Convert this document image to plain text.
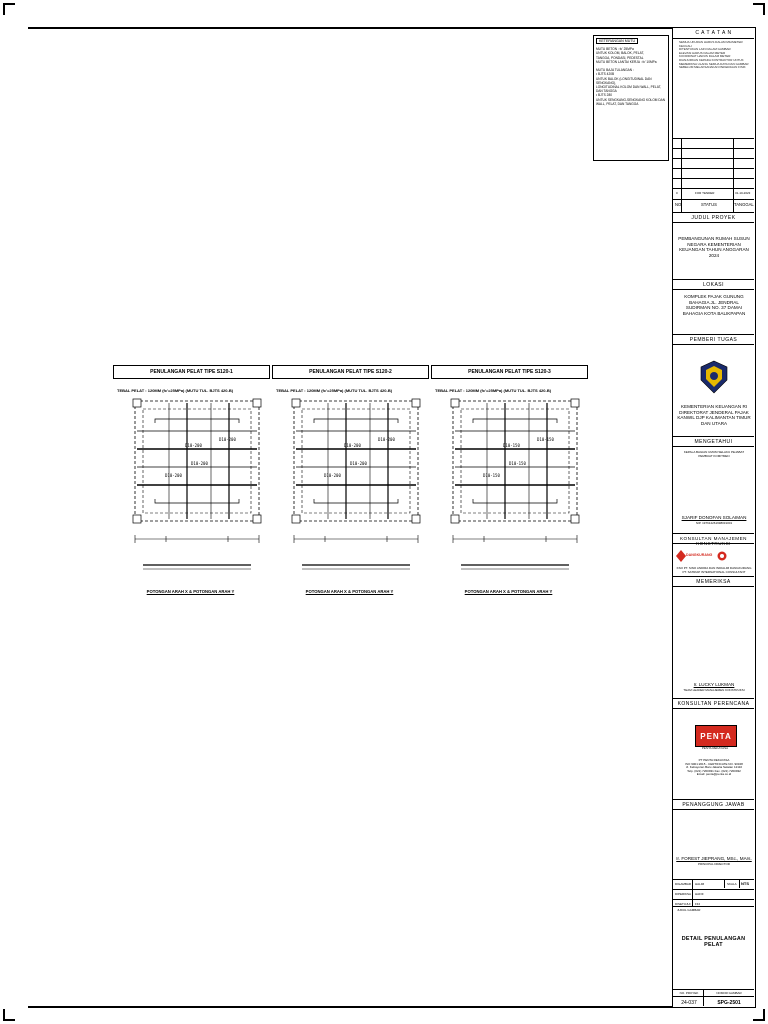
KETERANGAN MUTU
MUTU BETON : fc' 25MPa
UNTUK KOLOM, BALOK, PELAT,
TANGGA, PONDASI, PEDESTAL
MUTU BETON LANTAI KERJA : fc' 10MPa

MUTU BAJA TULANGAN :
• BJTS 420B
UNTUK BALOK (LONGITUDINAL DAN SENGKANG),
LONGITUDINAL KOLOM DAN WALL, PELAT, DAN TANGGA
• BJTS 280
UNTUK SENGKANG-SENGKANG KOLOM DAN WALL, PELAT, DAN TANGGA
PENULANGAN PELAT TIPE S120-1
TEBAL PELAT : 120MM (fc'=25MPa) (MUTU TUL. BJTS 420-B)
D10-200
D10-200
D10-200
D10-200
POTONGAN ARAH X & POTONGAN ARAH Y
PENULANGAN PELAT TIPE S120-2
TEBAL PELAT : 120MM (fc'=25MPa) (MUTU TUL. BJTS 420-B)
D10-200
D10-200
D10-200
D10-200
POTONGAN ARAH X & POTONGAN ARAH Y
PENULANGAN PELAT TIPE S120-3
TEBAL PELAT : 120MM (fc'=25MPa) (MUTU TUL. BJTS 420-B)
D10-150
D10-150
D10-150
D10-150
POTONGAN ARAH X & POTONGAN ARAH Y
C A T A T A N
SEMUA UKURAN HARUS DALAM MILIMETER KECUALI
DITENTUKAN LAIN DALAM GAMBAR
ELEVASI HARUS DALAM METER
KOORDINAT HARUS DALAM METER
DIANJURKAN KEPADA KONTRAKTOR UNTUK
MEMERIKSA ULANG SEMUA DATA DAN GAMBAR
SEBELUM MELAKSANAKAN PEKERJAAN FISIK
0	FOR TENDER	31-10-2023
NO	STATUS	TANGGAL
JUDUL PROYEK
PEMBANGUNAN RUMAH SUSUN NEGARA KEMENTERIAN KEUANGAN TAHUN ANGGARAN 2024
LOKASI
KOMPLEK PAJAK GUNUNG BAHAGIA JL. JENDRAL SUDIRMAN NO. 37 DAMAI BAHAGIA KOTA BALIKPAPAN
PEMBERI TUGAS
KEMENTERIAN KEUANGAN RI DIREKTORAT JENDERAL PAJAK KANWIL DJP KALIMANTAN TIMUR DAN UTARA
MENGETAHUI
KEPALA BAGIAN UMUM SELAKU PEJABAT PEMBUAT KOMITMEN
SJARIF DONOFAN SOLAIMAN
NIP. 197612261998031001
KONSULTAN MANAJEMEN KONSTRUKSI
DANGKURANG
KSO PT. SINO ANDIRA DAN INDIALIM DANGKURANG
PT. SATRIAP INTERNATIONAL CONSULTANT
MEMERIKSA
Ir. LUCKY LUKMAN
TEAM LEADER MANAJEMEN KONSTRUKSI
KONSULTAN PERENCANA
PENTA
PENTA REKAYASA
PT PENTA REKAYASA
ISO 9001:2015 - CERTIFICATE NO. 90328
Jl. Kebayoran Baru Jakarta Selatan 12110
Telp. (021) 7200931 Fax. (021) 7200932
Email: penta@penta.co.id
PENANGGUNG JAWAB
Ir. FOREST JIEPRANG, MSc., MArs.
PRINCIPAL DIRECTOR
DIGAMBAR HALIM	SKALA NTS
DIPERIKSA HAFIF
DISETUJUI FFJ
JUDUL GAMBAR
DETAIL PENULANGAN PELAT
NO. PROYEK	NOMOR GAMBAR
24-037	SPG-2501
